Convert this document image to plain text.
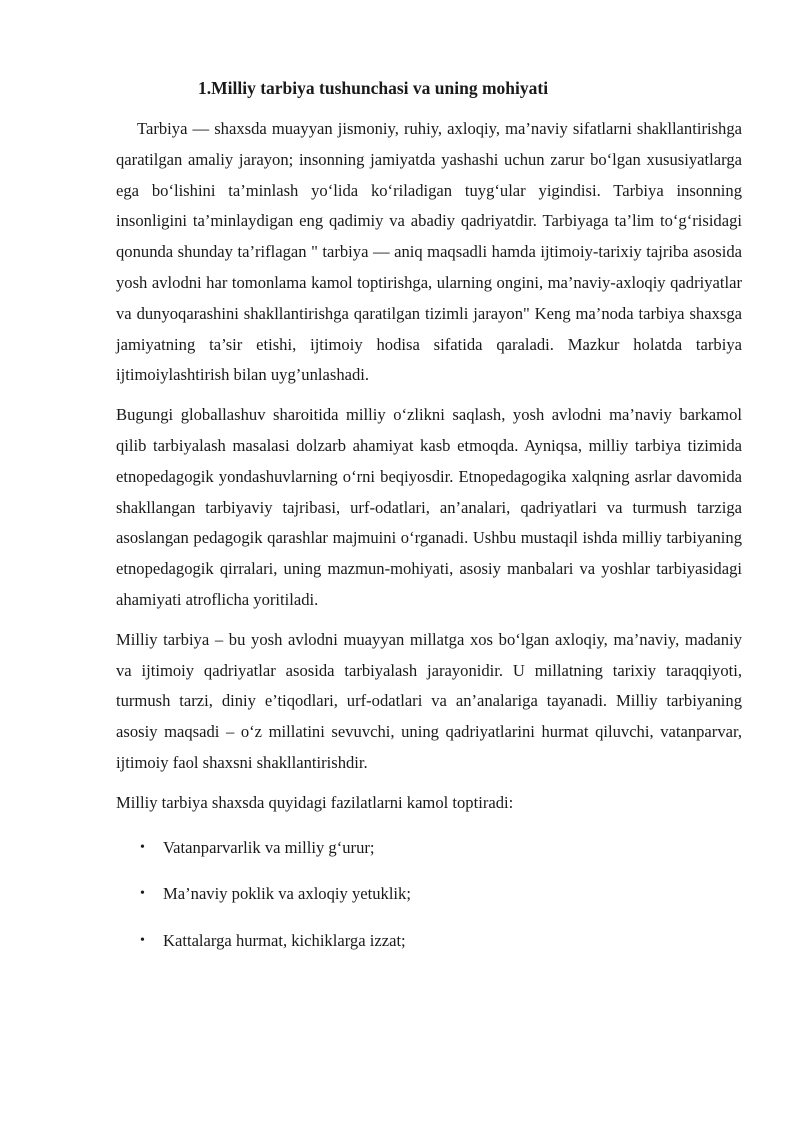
1.Milliy tarbiya tushunchasi va uning mohiyati

Tarbiya — shaxsda muayyan jismoniy, ruhiy, axloqiy, ma’naviy sifatlarni shakllantirishga qaratilgan amaliy jarayon; insonning jamiyatda yashashi uchun zarur boʻlgan xususiyatlarga ega boʻlishini ta’minlash yoʻlida koʻriladigan tuygʻular yigindisi. Tarbiya insonning insonligini ta’minlaydigan eng qadimiy va abadiy qadriyatdir. Tarbiyaga ta’lim toʻgʻrisidagi qonunda shunday ta’riflagan " tarbiya — aniq maqsadli hamda ijtimoiy-tarixiy tajriba asosida yosh avlodni har tomonlama kamol toptirishga, ularning ongini, ma’naviy-axloqiy qadriyatlar va dunyoqarashini shakllantirishga qaratilgan tizimli jarayon" Keng ma’noda tarbiya shaxsga jamiyatning ta’sir etishi, ijtimoiy hodisa sifatida qaraladi. Mazkur holatda tarbiya ijtimoiylashtirish bilan uyg’unlashadi.

Bugungi globallashuv sharoitida milliy oʻzlikni saqlash, yosh avlodni ma’naviy barkamol qilib tarbiyalash masalasi dolzarb ahamiyat kasb etmoqda. Ayniqsa, milliy tarbiya tizimida etnopedagogik yondashuvlarning oʻrni beqiyosdir. Etnopedagogika xalqning asrlar davomida shakllangan tarbiyaviy tajribasi, urf-odatlari, an’analari, qadriyatlari va turmush tarziga asoslangan pedagogik qarashlar majmuini oʻrganadi. Ushbu mustaqil ishda milliy tarbiyaning etnopedagogik qirralari, uning mazmun-mohiyati, asosiy manbalari va yoshlar tarbiyasidagi ahamiyati atroflicha yoritiladi.

Milliy tarbiya – bu yosh avlodni muayyan millatga xos boʻlgan axloqiy, ma’naviy, madaniy va ijtimoiy qadriyatlar asosida tarbiyalash jarayonidir. U millatning tarixiy taraqqiyoti, turmush tarzi, diniy e’tiqodlari, urf-odatlari va an’analariga tayanadi. Milliy tarbiyaning asosiy maqsadi – oʻz millatini sevuvchi, uning qadriyatlarini hurmat qiluvchi, vatanparvar, ijtimoiy faol shaxsni shakllantirishdir.

Milliy tarbiya shaxsda quyidagi fazilatlarni kamol toptiradi:

• Vatanparvarlik va milliy gʻurur;
• Ma’naviy poklik va axloqiy yetuklik;
• Kattalarga hurmat, kichiklarga izzat;
